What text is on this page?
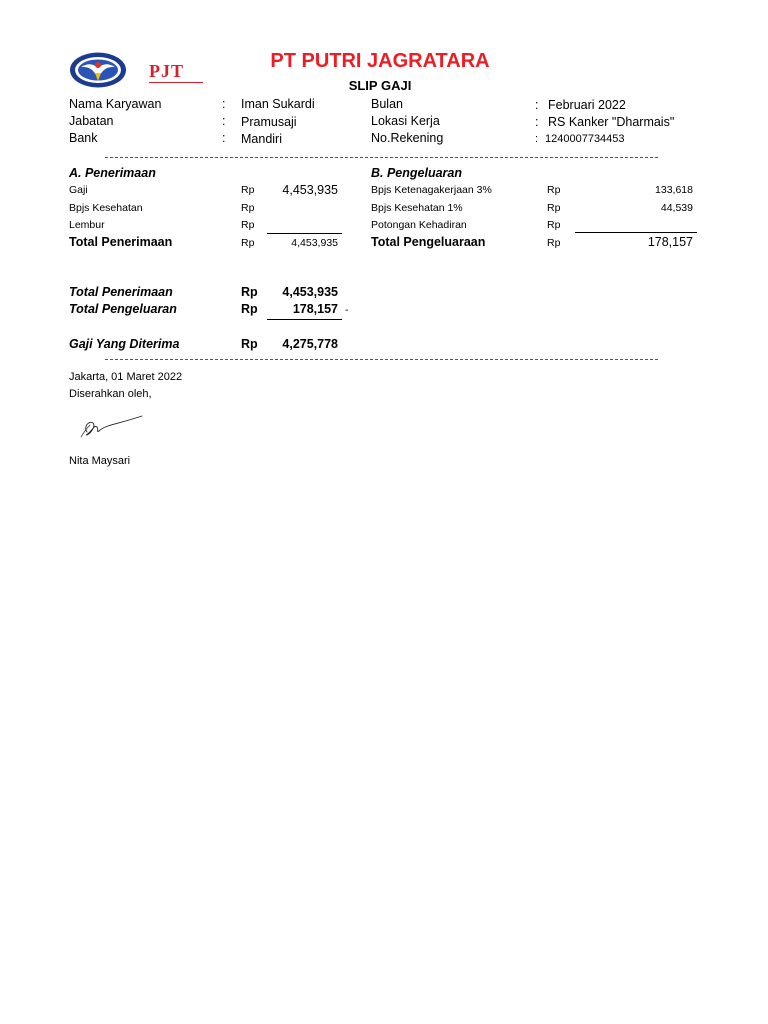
PJT	PT PUTRI JAGRATARA
SLIP GAJI
Nama Karyawan	: Iman Sukardi
Jabatan	: Pramusaji
Bank	: Mandiri
Bulan	: Februari 2022
Lokasi Kerja	: RS Kanker "Dharmais"
No.Rekening	: 1240007734453
A. Penerimaan
Gaji	Rp	4,453,935
Bpjs Kesehatan	Rp
Lembur	Rp
Total Penerimaan	Rp	4,453,935
B. Pengeluaran
Bpjs Ketenagakerjaan 3%	Rp	133,618
Bpjs Kesehatan 1%	Rp	44,539
Potongan Kehadiran	Rp
Total Pengeluaraan	Rp	178,157
Total Penerimaan	Rp	4,453,935
Total Pengeluaran	Rp	178,157 -
Gaji Yang Diterima	Rp	4,275,778
Jakarta, 01 Maret 2022
Diserahkan oleh,
Nita Maysari
